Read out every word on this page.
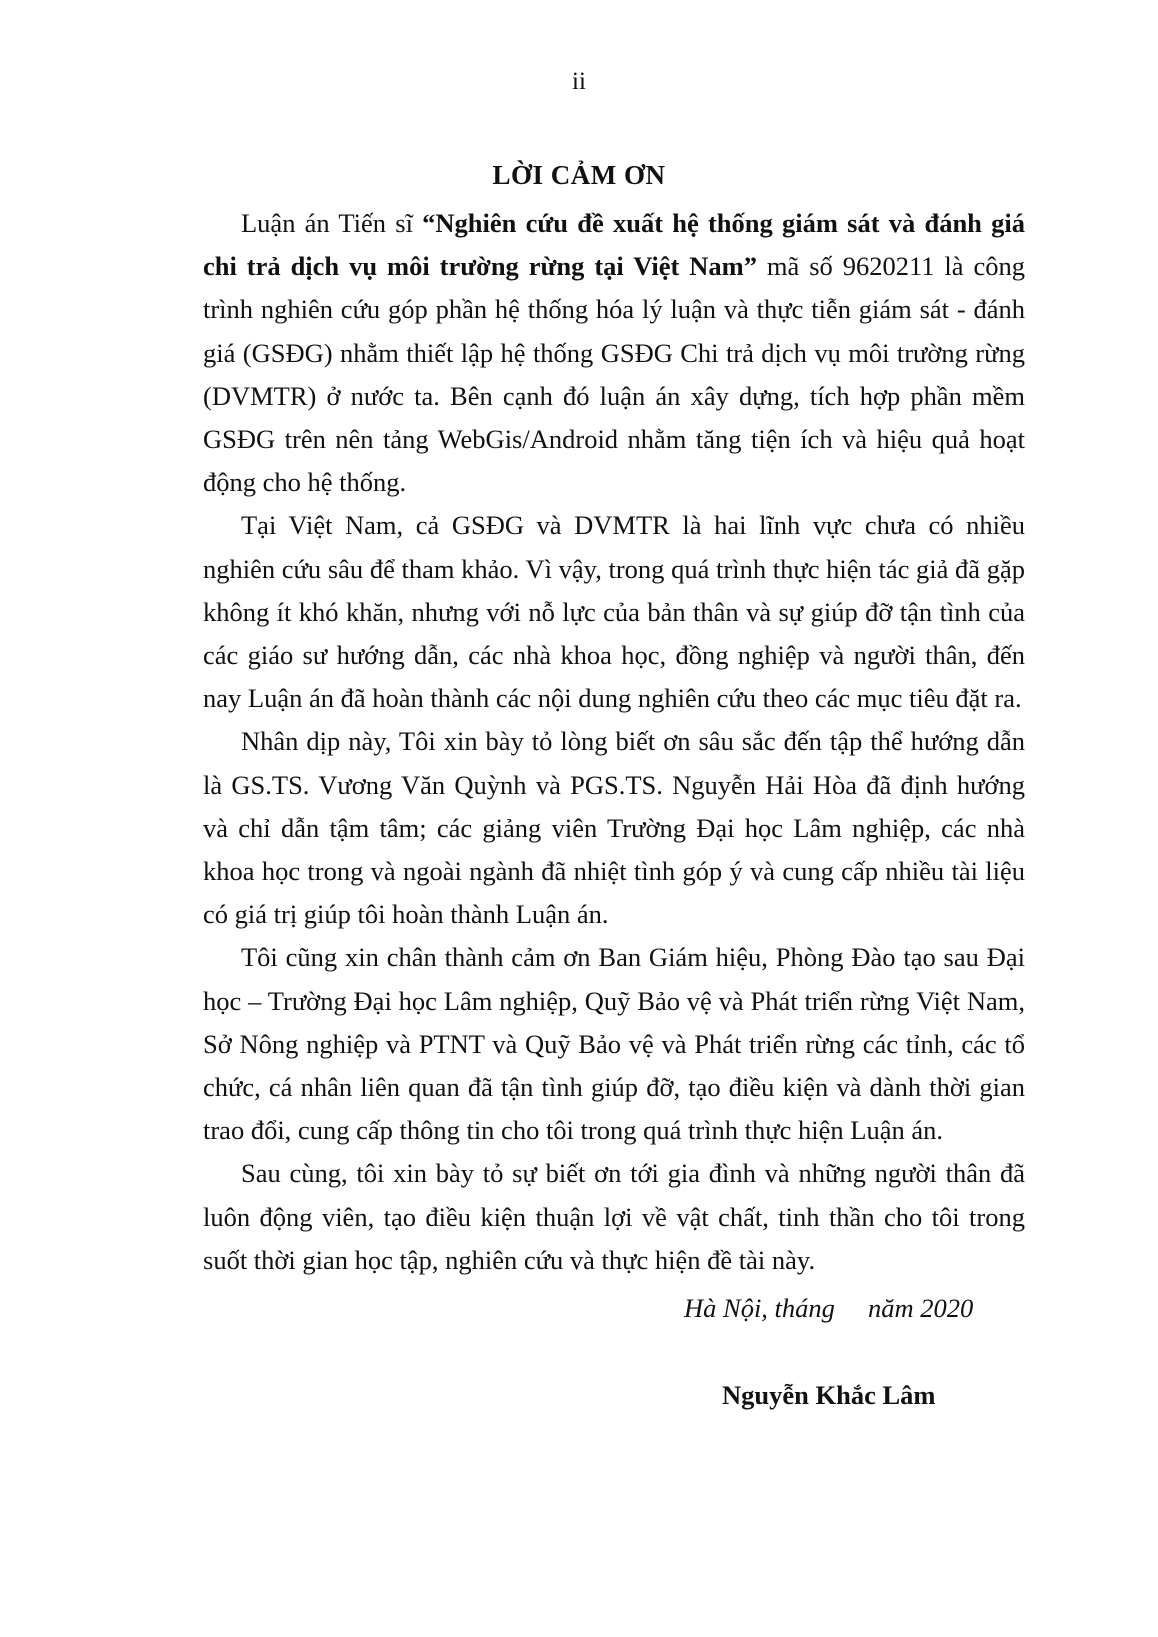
ii
LỜI CẢM ƠN

Luận án Tiến sĩ “Nghiên cứu đề xuất hệ thống giám sát và đánh giá chi trả dịch vụ môi trường rừng tại Việt Nam” mã số 9620211 là công trình nghiên cứu góp phần hệ thống hóa lý luận và thực tiễn giám sát - đánh giá (GSĐG) nhằm thiết lập hệ thống GSĐG Chi trả dịch vụ môi trường rừng (DVMTR) ở nước ta. Bên cạnh đó luận án xây dựng, tích hợp phần mềm GSĐG trên nên tảng WebGis/Android nhằm tăng tiện ích và hiệu quả hoạt động cho hệ thống.

Tại Việt Nam, cả GSĐG và DVMTR là hai lĩnh vực chưa có nhiều nghiên cứu sâu để tham khảo. Vì vậy, trong quá trình thực hiện tác giả đã gặp không ít khó khăn, nhưng với nỗ lực của bản thân và sự giúp đỡ tận tình của các giáo sư hướng dẫn, các nhà khoa học, đồng nghiệp và người thân, đến nay Luận án đã hoàn thành các nội dung nghiên cứu theo các mục tiêu đặt ra.

Nhân dịp này, Tôi xin bày tỏ lòng biết ơn sâu sắc đến tập thể hướng dẫn là GS.TS. Vương Văn Quỳnh và PGS.TS. Nguyễn Hải Hòa đã định hướng và chỉ dẫn tậm tâm; các giảng viên Trường Đại học Lâm nghiệp, các nhà khoa học trong và ngoài ngành đã nhiệt tình góp ý và cung cấp nhiều tài liệu có giá trị giúp tôi hoàn thành Luận án.

Tôi cũng xin chân thành cảm ơn Ban Giám hiệu, Phòng Đào tạo sau Đại học – Trường Đại học Lâm nghiệp, Quỹ Bảo vệ và Phát triển rừng Việt Nam, Sở Nông nghiệp và PTNT và Quỹ Bảo vệ và Phát triển rừng các tỉnh, các tổ chức, cá nhân liên quan đã tận tình giúp đỡ, tạo điều kiện và dành thời gian trao đổi, cung cấp thông tin cho tôi trong quá trình thực hiện Luận án.

Sau cùng, tôi xin bày tỏ sự biết ơn tới gia đình và những người thân đã luôn động viên, tạo điều kiện thuận lợi về vật chất, tinh thần cho tôi trong suốt thời gian học tập, nghiên cứu và thực hiện đề tài này.

Hà Nội, tháng     năm 2020
Nguyễn Khắc Lâm
